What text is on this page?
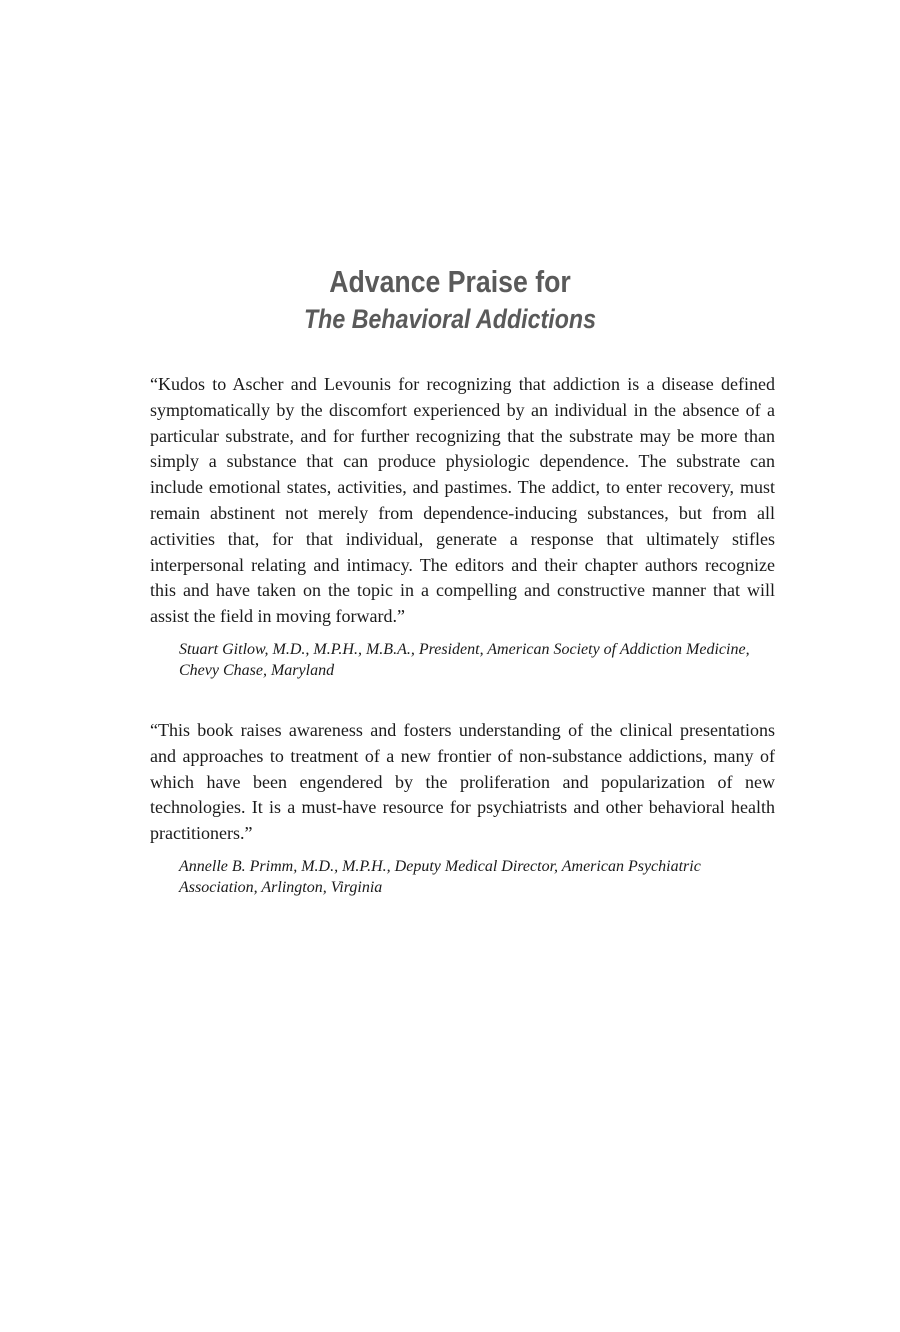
Advance Praise for
The Behavioral Addictions

“Kudos to Ascher and Levounis for recognizing that addiction is a disease defined symptomatically by the discomfort experienced by an individual in the absence of a particular substrate, and for further recognizing that the substrate may be more than simply a substance that can produce physiologic dependence. The substrate can include emotional states, activities, and pastimes. The addict, to enter recovery, must remain abstinent not merely from dependence-inducing substances, but from all activities that, for that individual, generate a response that ultimately stifles interpersonal relating and intimacy. The editors and their chapter authors recognize this and have taken on the topic in a compelling and constructive manner that will assist the field in moving forward.”

Stuart Gitlow, M.D., M.P.H., M.B.A., President, American Society of Addiction Medicine, Chevy Chase, Maryland

“This book raises awareness and fosters understanding of the clinical presentations and approaches to treatment of a new frontier of non-substance addictions, many of which have been engendered by the proliferation and popularization of new technologies. It is a must-have resource for psychiatrists and other behavioral health practitioners.”

Annelle B. Primm, M.D., M.P.H., Deputy Medical Director, American Psychiatric Association, Arlington, Virginia
